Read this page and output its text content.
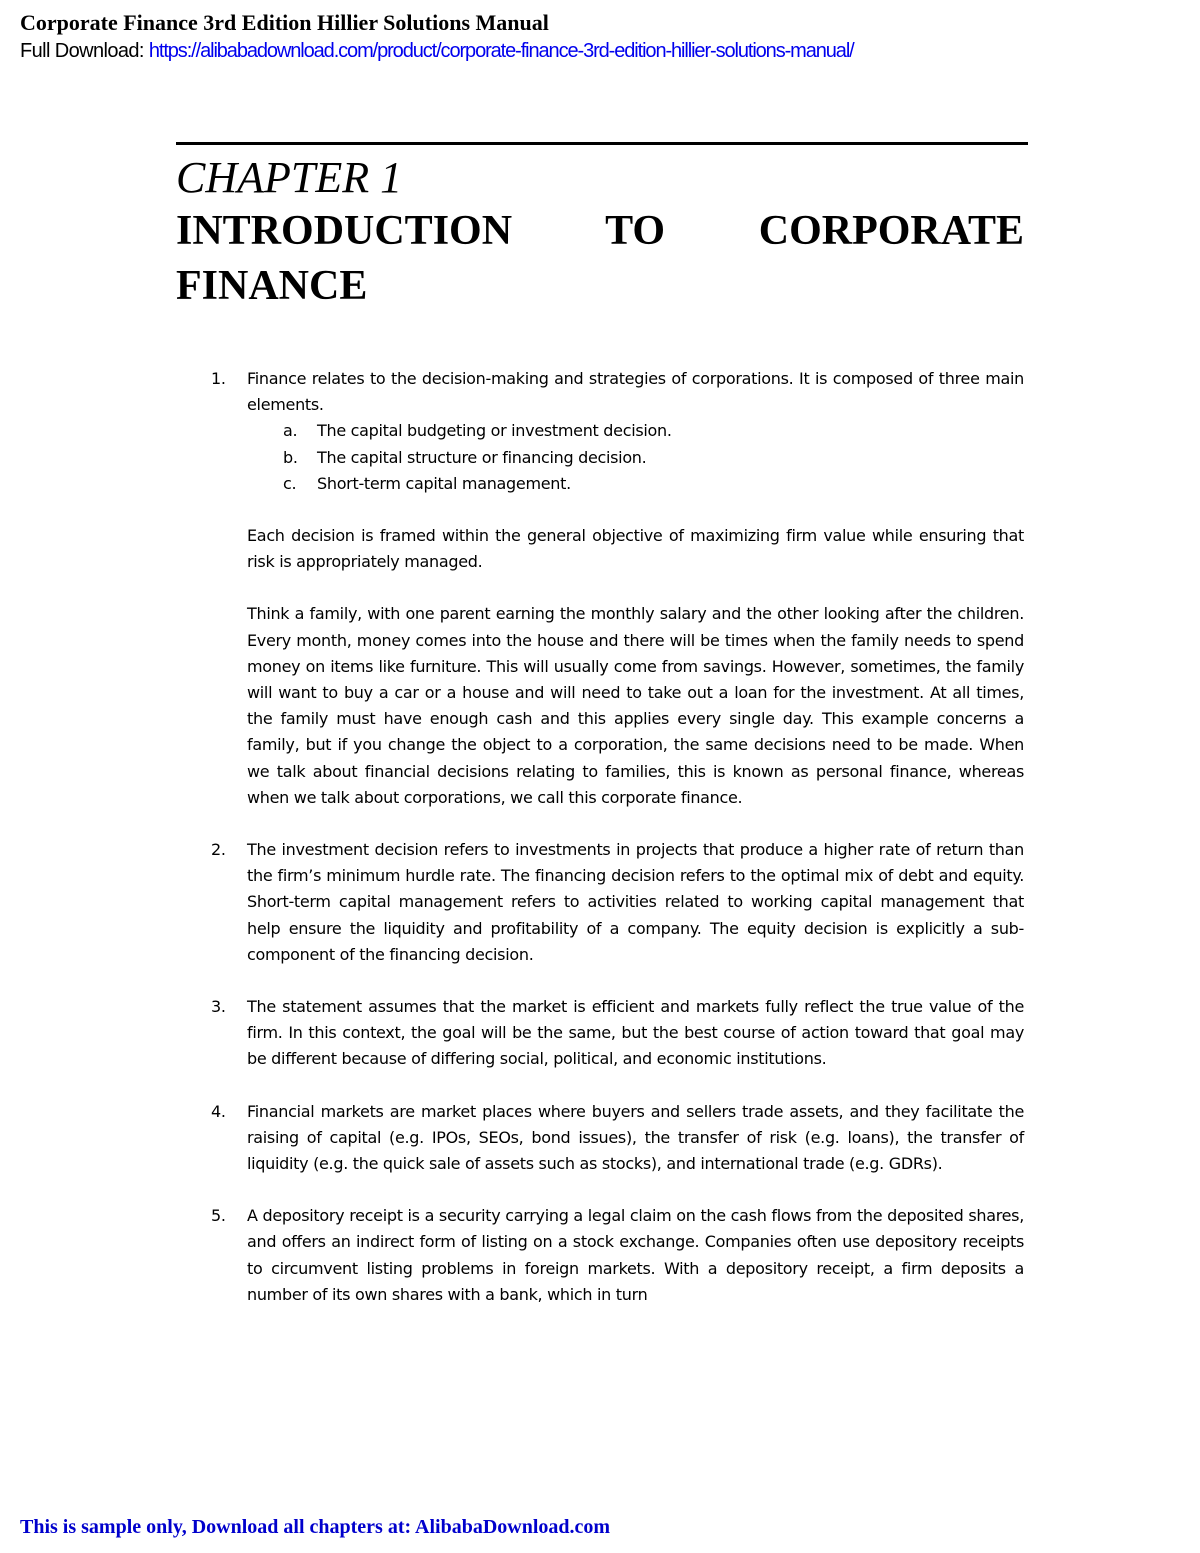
Corporate Finance 3rd Edition Hillier Solutions Manual
Full Download: https://alibabadownload.com/product/corporate-finance-3rd-edition-hillier-solutions-manual/
CHAPTER 1
INTRODUCTION TO CORPORATE FINANCE
1. Finance relates to the decision-making and strategies of corporations. It is composed of three main elements.

a. The capital budgeting or investment decision.
b. The capital structure or financing decision.
c. Short-term capital management.

Each decision is framed within the general objective of maximizing firm value while ensuring that risk is appropriately managed.

Think a family, with one parent earning the monthly salary and the other looking after the children. Every month, money comes into the house and there will be times when the family needs to spend money on items like furniture. This will usually come from savings. However, sometimes, the family will want to buy a car or a house and will need to take out a loan for the investment. At all times, the family must have enough cash and this applies every single day. This example concerns a family, but if you change the object to a corporation, the same decisions need to be made. When we talk about financial decisions relating to families, this is known as personal finance, whereas when we talk about corporations, we call this corporate finance.

2. The investment decision refers to investments in projects that produce a higher rate of return than the firm’s minimum hurdle rate. The financing decision refers to the optimal mix of debt and equity. Short-term capital management refers to activities related to working capital management that help ensure the liquidity and profitability of a company. The equity decision is explicitly a sub-component of the financing decision.

3. The statement assumes that the market is efficient and markets fully reflect the true value of the firm. In this context, the goal will be the same, but the best course of action toward that goal may be different because of differing social, political, and economic institutions.

4. Financial markets are market places where buyers and sellers trade assets, and they facilitate the raising of capital (e.g. IPOs, SEOs, bond issues), the transfer of risk (e.g. loans), the transfer of liquidity (e.g. the quick sale of assets such as stocks), and international trade (e.g. GDRs).

5. A depository receipt is a security carrying a legal claim on the cash flows from the deposited shares, and offers an indirect form of listing on a stock exchange. Companies often use depository receipts to circumvent listing problems in foreign markets. With a depository receipt, a firm deposits a number of its own shares with a bank, which in turn

This is sample only, Download all chapters at: AlibabaDownload.com
